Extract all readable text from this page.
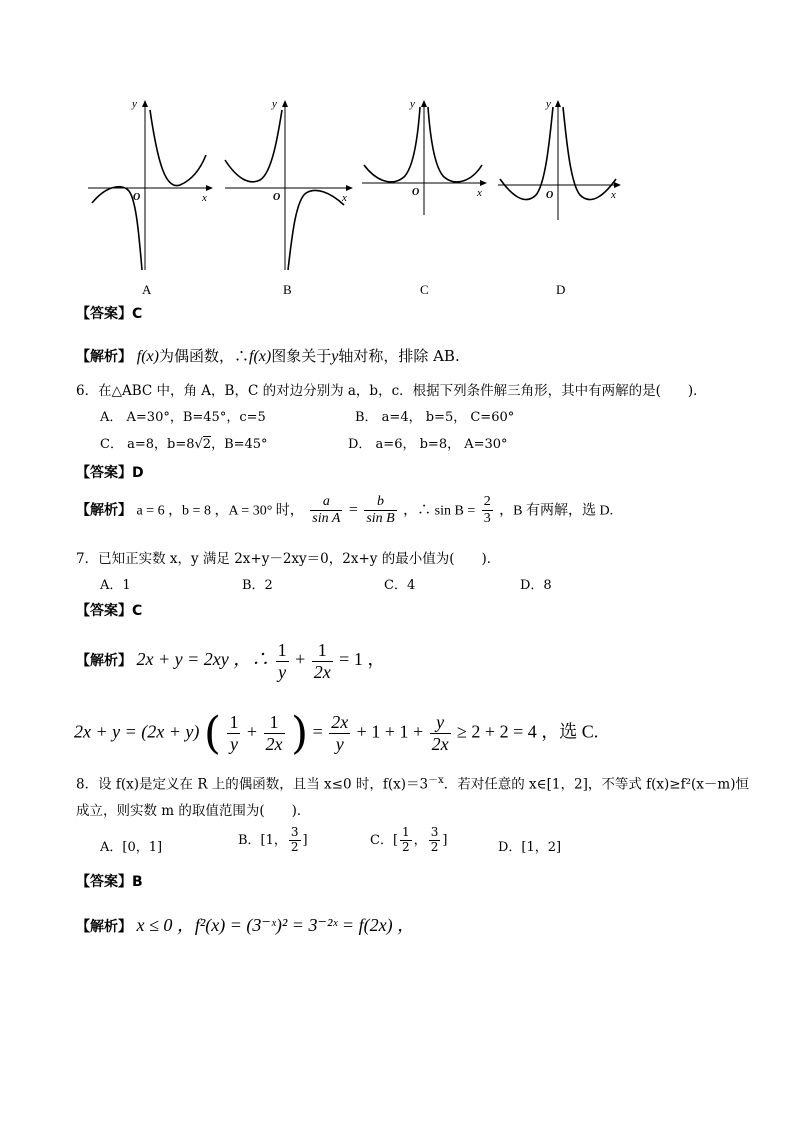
y
x
O
y
x
O
y
x
O
y
x
O
A	B	C	D
【答案】C
【解析】 f(x)为偶函数，∴f(x)图象关于y轴对称，排除 AB.
6．在△ABC 中，角 A，B，C 的对边分别为 a，b，c．根据下列条件解三角形，其中有两解的是(　　)．
A． A=30°，B=45°，c=5	B． a=4， b=5， C=60°
C． a=8，b=8√2，B=45°	D． a=6， b=8， A=30°
【答案】D
【解析】 a = 6 ，b = 8 ，A = 30° 时， $\frac{a}{\text{sin A}} = \frac{b}{\text{sin B}}$ ，∴ $\sin B = \frac{2}{3}$ ，B 有两解，选 D.
7．已知正实数 x，y 满足 2x+y－2xy＝0，2x+y 的最小值为(　　)．
A．1	B．2	C．4	D．8
【答案】C
【解析】 2x + y = 2xy ，∴ $\frac{1}{y} + \frac{1}{2x} = 1$ ，
2x + y = (2x + y) ( $\frac{1}{y} + \frac{1}{2x}$ ) = $\frac{2x}{y} + 1 + 1 + \frac{y}{2x} \ge 2 + 2 = 4$ ，选 C.
8．设 f(x)是定义在 R 上的偶函数，且当 x≤0 时，$f(x)=3^{-x}$．若对任意的 x∈[1，2]，不等式 f(x)≥f²(x－m)恒
成立，则实数 m 的取值范围为(　　)．
A．[0，1]	B．[1， $\frac{3}{2}$ ]	C．[ $\frac{1}{2}$ ， $\frac{3}{2}$ ]	D．[1，2]
【答案】B
【解析】 x ≤ 0 ，f²(x) = (3⁻ˣ)² = 3⁻²ˣ = f(2x) ，
